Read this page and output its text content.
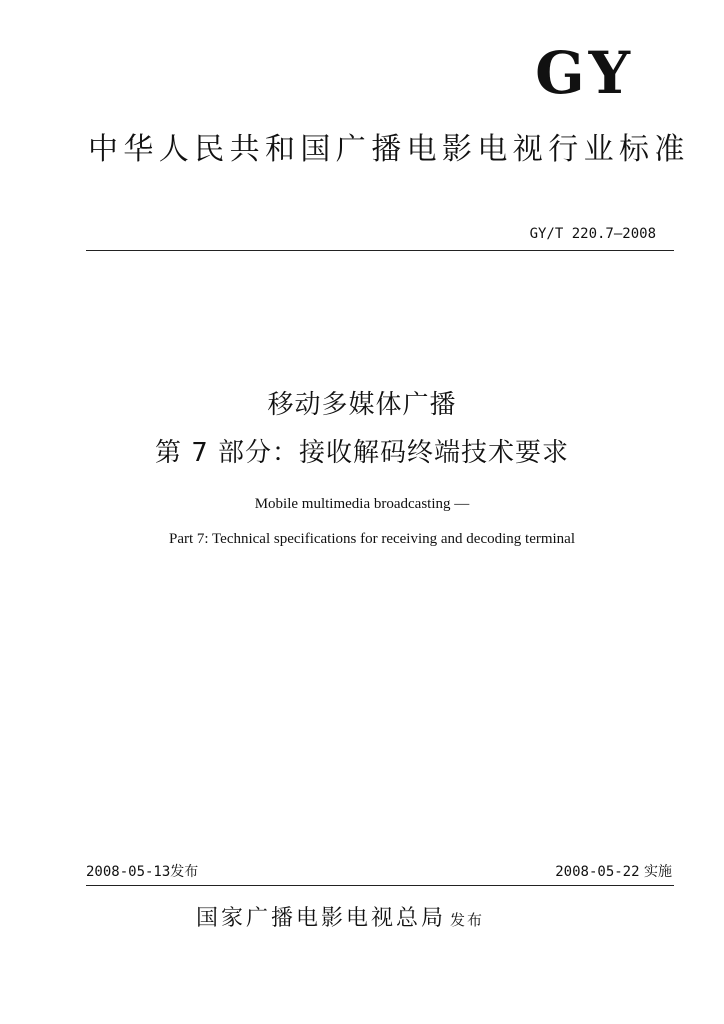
GY
中华人民共和国广播电影电视行业标准
GY/T 220.7—2008
移动多媒体广播
第 7 部分：接收解码终端技术要求
Mobile multimedia broadcasting —
Part 7: Technical specifications for receiving and decoding terminal
2008-05-13发布	2008-05-22 实施
国家广播电影电视总局 发布
